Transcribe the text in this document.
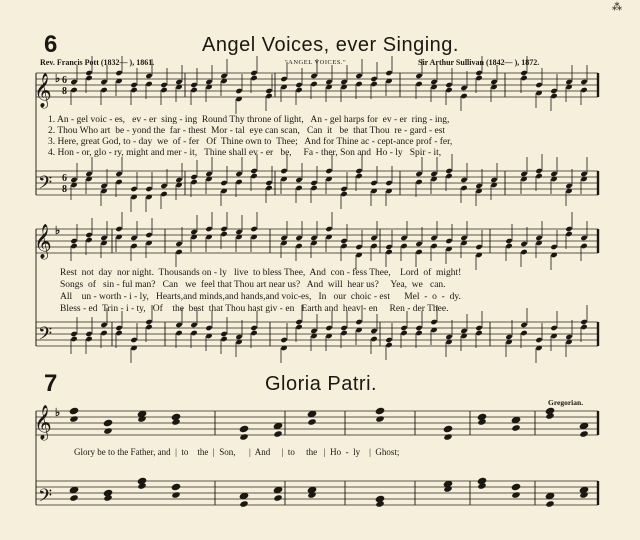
6	Angel Voices, ever Singing.
⁂
Rev. Francis Pott (1832— ), 1861.	"ANGEL VOICES."	Sir Arthur Sullivan (1842— ), 1872.
𝄞
𝄢
𝄞
𝄢
𝄞
𝄢
6
8
6
8
♭
♭
♭
1. An - gel voic - es,   ev - er  sing - ing  Round Thy throne of light,   An - gel harps for  ev - er  ring - ing,
2. Thou Who art  be - yond the  far - thest  Mor - tal  eye can scan,   Can  it   be  that Thou  re - gard - est
3. Here, great God, to - day  we  of - fer   Of  Thine own to  Thee;   And for Thine ac - cept-ance prof - fer,
4. Hon - or, glo - ry, might and mer - it,   Thine shall ev - er   be,     Fa - ther, Son and  Ho - ly   Spir - it,
Rest  not  day  nor night.  Thousands on - ly   live  to bless Thee,  And  con - fess Thee,    Lord  of  might!
Songs  of   sin - ful man?   Can   we  feel that Thou art near us?   And  will  hear us?     Yea,  we   can.
All    un - worth - i - ly,   Hearts,and minds,and hands,and voic-es,   In   our  choic - est      Mel  -  o  -  dy.
Bless - ed  Trin - i - ty,   Of    the  best  that Thou hast giv - en   Earth and  heav - en     Ren - der Thee.
7	Gloria Patri.
Gregorian.
Glory be to the Father, and  |  to    the  |  Son,      |  And     |  to     the   |  Ho  -  ly    |  Ghost;
